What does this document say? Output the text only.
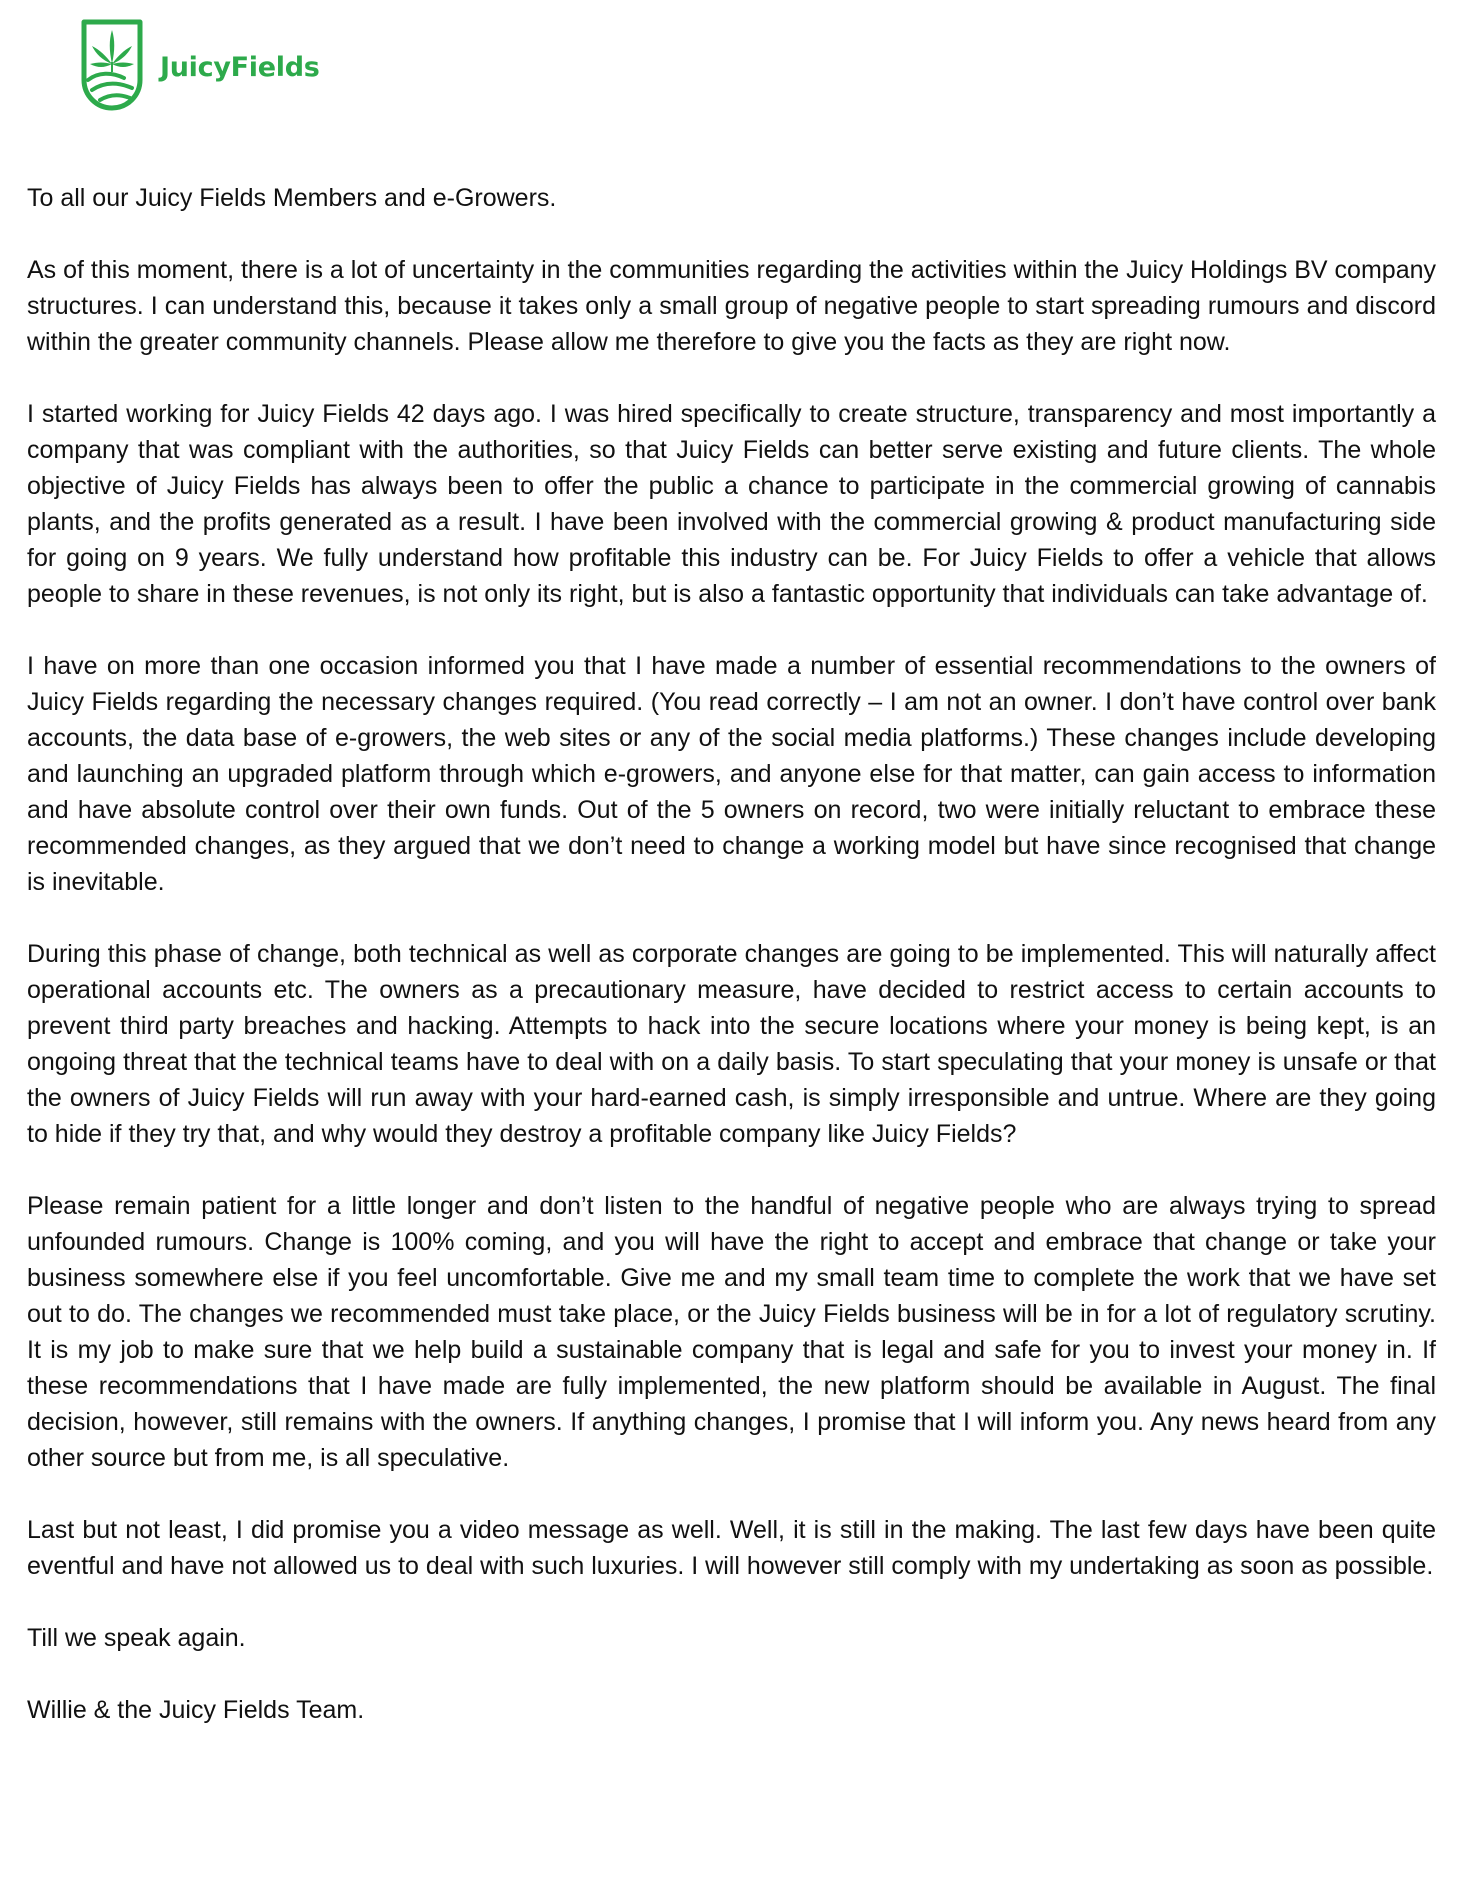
JuicyFields

To all our Juicy Fields Members and e-Growers.

As of this moment, there is a lot of uncertainty in the communities regarding the activities within the Juicy Holdings BV company structures. I can understand this, because it takes only a small group of negative people to start spreading rumours and discord within the greater community channels. Please allow me therefore to give you the facts as they are right now.

I started working for Juicy Fields 42 days ago. I was hired specifically to create structure, transparency and most importantly a company that was compliant with the authorities, so that Juicy Fields can better serve existing and future clients. The whole objective of Juicy Fields has always been to offer the public a chance to participate in the commercial growing of cannabis plants, and the profits generated as a result. I have been involved with the commercial growing & product manufacturing side for going on 9 years. We fully understand how profitable this industry can be. For Juicy Fields to offer a vehicle that allows people to share in these revenues, is not only its right, but is also a fantastic opportunity that individuals can take advantage of.

I have on more than one occasion informed you that I have made a number of essential recommendations to the owners of Juicy Fields regarding the necessary changes required. (You read correctly – I am not an owner. I don’t have control over bank accounts, the data base of e-growers, the web sites or any of the social media platforms.) These changes include developing and launching an upgraded platform through which e-growers, and anyone else for that matter, can gain access to information and have absolute control over their own funds. Out of the 5 owners on record, two were initially reluctant to embrace these recommended changes, as they argued that we don’t need to change a working model but have since recognised that change is inevitable.

During this phase of change, both technical as well as corporate changes are going to be implemented. This will naturally affect operational accounts etc. The owners as a precautionary measure, have decided to restrict access to certain accounts to prevent third party breaches and hacking. Attempts to hack into the secure locations where your money is being kept, is an ongoing threat that the technical teams have to deal with on a daily basis. To start speculating that your money is unsafe or that the owners of Juicy Fields will run away with your hard-earned cash, is simply irresponsible and untrue. Where are they going to hide if they try that, and why would they destroy a profitable company like Juicy Fields?

Please remain patient for a little longer and don’t listen to the handful of negative people who are always trying to spread unfounded rumours. Change is 100% coming, and you will have the right to accept and embrace that change or take your business somewhere else if you feel uncomfortable. Give me and my small team time to complete the work that we have set out to do. The changes we recommended must take place, or the Juicy Fields business will be in for a lot of regulatory scrutiny. It is my job to make sure that we help build a sustainable company that is legal and safe for you to invest your money in. If these recommendations that I have made are fully implemented, the new platform should be available in August. The final decision, however, still remains with the owners. If anything changes, I promise that I will inform you. Any news heard from any other source but from me, is all speculative.

Last but not least, I did promise you a video message as well. Well, it is still in the making. The last few days have been quite eventful and have not allowed us to deal with such luxuries. I will however still comply with my undertaking as soon as possible.

Till we speak again.

Willie & the Juicy Fields Team.
